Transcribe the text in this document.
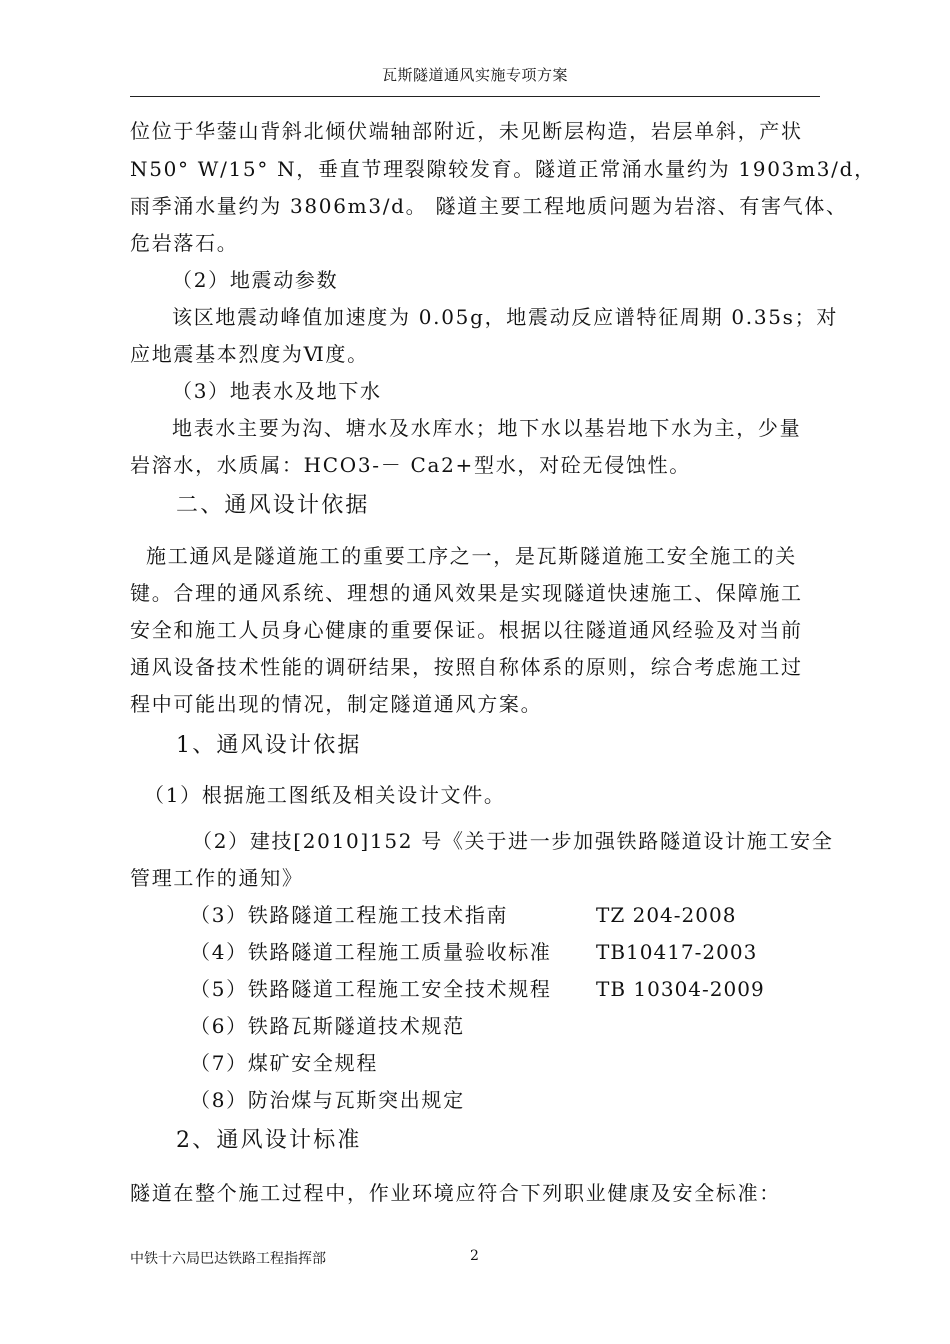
瓦斯隧道通风实施专项方案
位位于华蓥山背斜北倾伏端轴部附近，未见断层构造，岩层单斜，产状
N50° W/15° N，垂直节理裂隙较发育。隧道正常涌水量约为 1903m3/d，
雨季涌水量约为 3806m3/d。 隧道主要工程地质问题为岩溶、有害气体、
危岩落石。
（2）地震动参数
该区地震动峰值加速度为 0.05g，地震动反应谱特征周期 0.35s；对
应地震基本烈度为Ⅵ度。
（3）地表水及地下水
地表水主要为沟、塘水及水库水；地下水以基岩地下水为主，少量
岩溶水，水质属：HCO3-－ Ca2+型水，对砼无侵蚀性。
二、通风设计依据
施工通风是隧道施工的重要工序之一，是瓦斯隧道施工安全施工的关
键。合理的通风系统、理想的通风效果是实现隧道快速施工、保障施工
安全和施工人员身心健康的重要保证。根据以往隧道通风经验及对当前
通风设备技术性能的调研结果，按照自称体系的原则，综合考虑施工过
程中可能出现的情况，制定隧道通风方案。
1、通风设计依据
（1）根据施工图纸及相关设计文件。
（2）建技[2010]152 号《关于进一步加强铁路隧道设计施工安全
管理工作的通知》
（3）铁路隧道工程施工技术指南	TZ 204-2008
（4）铁路隧道工程施工质量验收标准 TB10417-2003
（5）铁路隧道工程施工安全技术规程 TB 10304-2009
（6）铁路瓦斯隧道技术规范
（7）煤矿安全规程
（8）防治煤与瓦斯突出规定
2、通风设计标准
隧道在整个施工过程中，作业环境应符合下列职业健康及安全标准：
中铁十六局巴达铁路工程指挥部	2
